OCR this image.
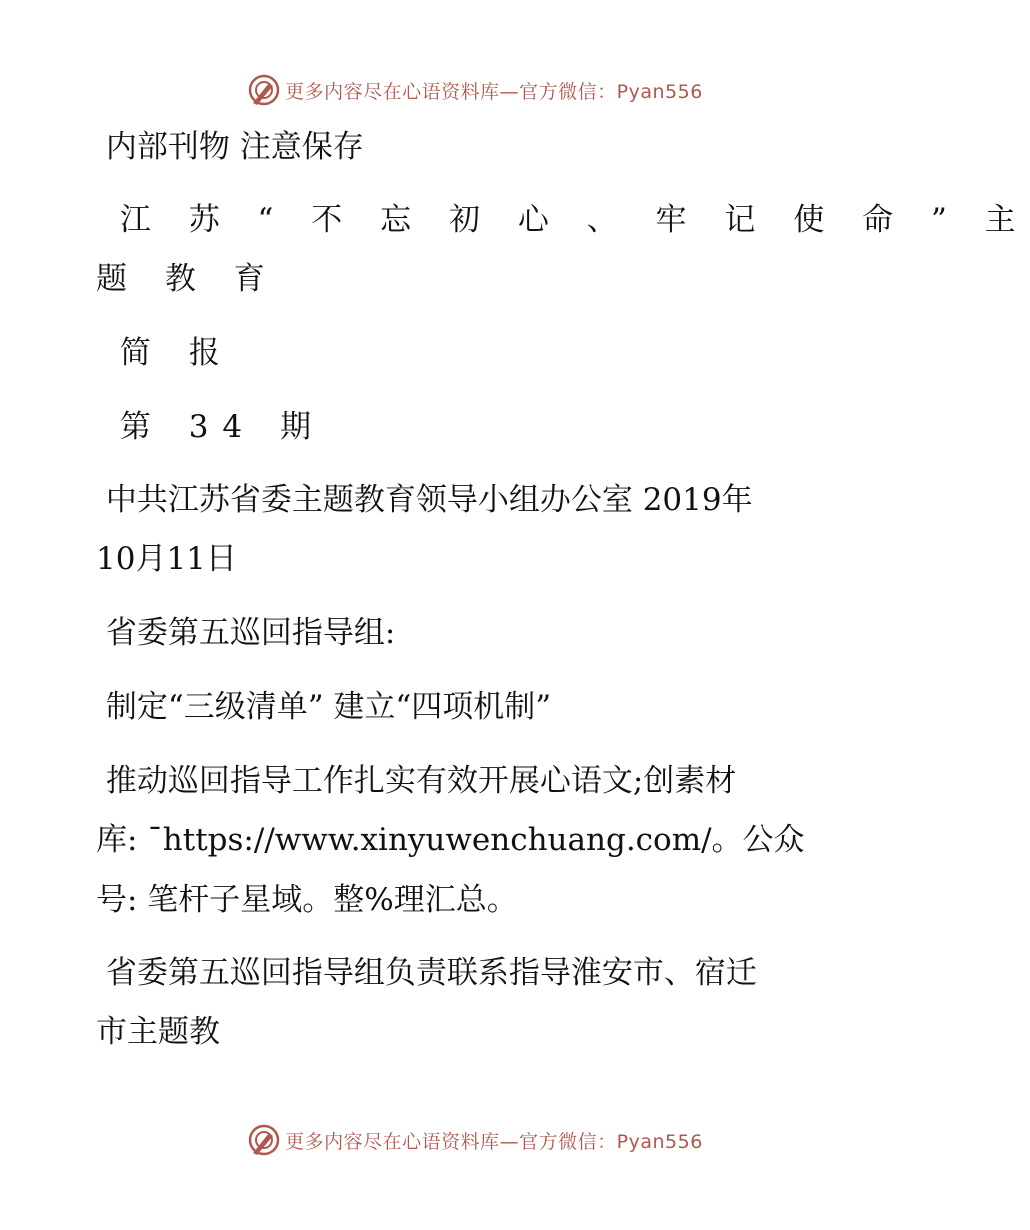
更多内容尽在心语资料库—官方微信：Pyan556
内部刊物 注意保存
江 苏 “ 不 忘 初 心 、 牢 记 使 命 ” 主
题 教 育
简 报
第 34 期
中共江苏省委主题教育领导小组办公室 2019年
10月11日
省委第五巡回指导组:
制定“三级清单” 建立“四项机制”
推动巡回指导工作扎实有效开展心语文;创素材
库: ¯https://www.xinyuwenchuang.com/。公众
号: 笔杆子星域。整%理汇总。
省委第五巡回指导组负责联系指导淮安市、宿迁
市主题教
更多内容尽在心语资料库—官方微信：Pyan556
